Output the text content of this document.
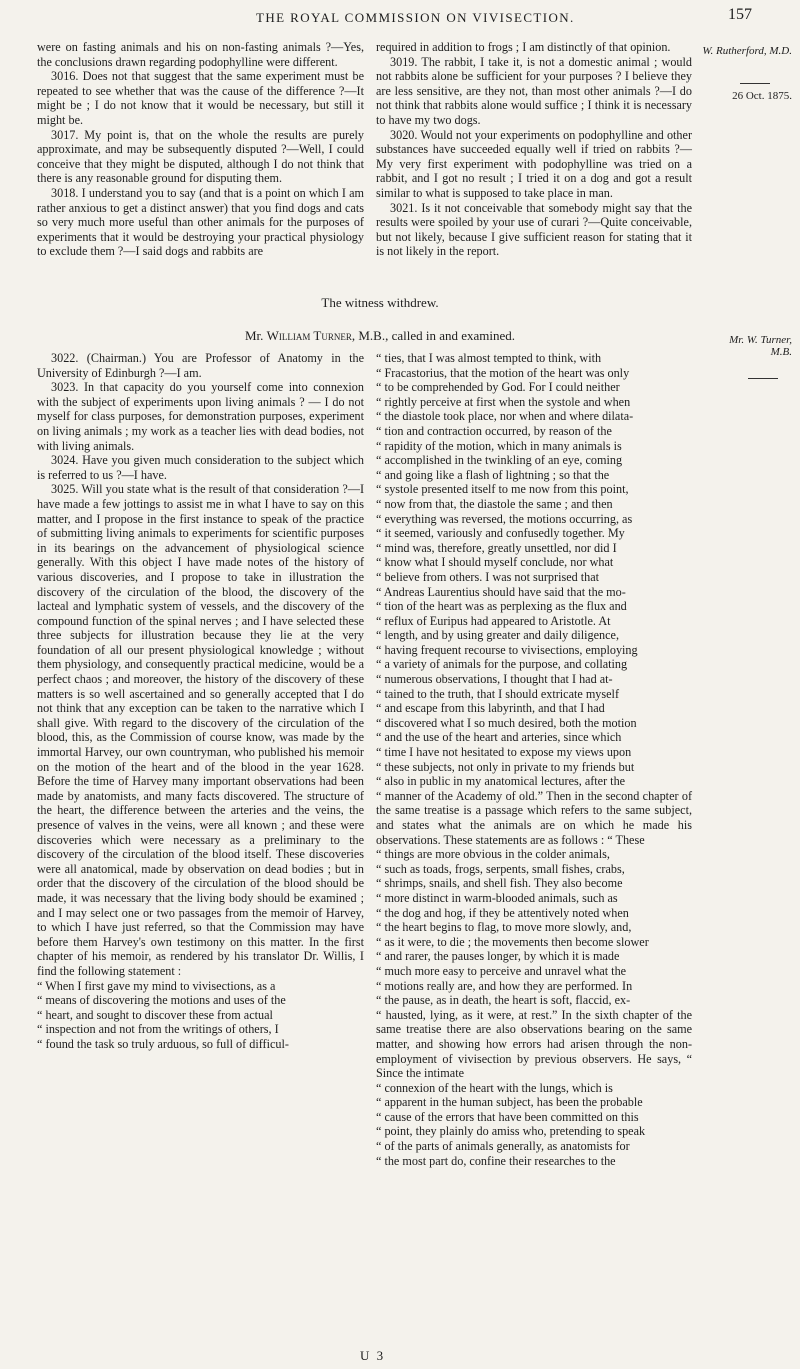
THE ROYAL COMMISSION ON VIVISECTION.	157

were on fasting animals and his on non-fasting animals ?—Yes, the conclusions drawn regarding podophylline were different.

3016. Does not that suggest that the same experiment must be repeated to see whether that was the cause of the difference ?—It might be ; I do not know that it would be necessary, but still it might be.

3017. My point is, that on the whole the results are purely approximate, and may be subsequently disputed ?—Well, I could conceive that they might be disputed, although I do not think that there is any reasonable ground for disputing them.

3018. I understand you to say (and that is a point on which I am rather anxious to get a distinct answer) that you find dogs and cats so very much more useful than other animals for the purposes of experiments that it would be destroying your practical physiology to exclude them ?—I said dogs and rabbits are

required in addition to frogs ; I am distinctly of that opinion.

3019. The rabbit, I take it, is not a domestic animal ; would not rabbits alone be sufficient for your purposes ? I believe they are less sensitive, are they not, than most other animals ?—I do not think that rabbits alone would suffice ; I think it is necessary to have my two dogs.

3020. Would not your experiments on podophylline and other substances have succeeded equally well if tried on rabbits ?—My very first experiment with podophylline was tried on a rabbit, and I got no result ; I tried it on a dog and got a result similar to what is supposed to take place in man.

3021. Is it not conceivable that somebody might say that the results were spoiled by your use of curari ?—Quite conceivable, but not likely, because I give sufficient reason for stating that it is not likely in the report.

W. Rutherford, M.D.
26 Oct. 1875.
The witness withdrew.
Mr. William Turner, M.B., called in and examined.	Mr. W. Turner, M.B.

3022. (Chairman.) You are Professor of Anatomy in the University of Edinburgh ?—I am.

3023. In that capacity do you yourself come into connexion with the subject of experiments upon living animals ? — I do not myself for class purposes, for demonstration purposes, experiment on living animals ; my work as a teacher lies with dead bodies, not with living animals.

3024. Have you given much consideration to the subject which is referred to us ?—I have.

3025. Will you state what is the result of that consideration ?—I have made a few jottings to assist me in what I have to say on this matter, and I propose in the first instance to speak of the practice of submitting living animals to experiments for scientific purposes in its bearings on the advancement of physiological science generally. With this object I have made notes of the history of various discoveries, and I propose to take in illustration the discovery of the circulation of the blood, the discovery of the lacteal and lymphatic system of vessels, and the discovery of the compound function of the spinal nerves ; and I have selected these three subjects for illustration because they lie at the very foundation of all our present physiological knowledge ; without them physiology, and consequently practical medicine, would be a perfect chaos ; and moreover, the history of the discovery of these matters is so well ascertained and so generally accepted that I do not think that any exception can be taken to the narrative which I shall give. With regard to the discovery of the circulation of the blood, this, as the Commission of course know, was made by the immortal Harvey, our own countryman, who published his memoir on the motion of the heart and of the blood in the year 1628. Before the time of Harvey many important observations had been made by anatomists, and many facts discovered. The structure of the heart, the difference between the arteries and the veins, the presence of valves in the veins, were all known ; and these were discoveries which were necessary as a preliminary to the discovery of the circulation of the blood itself. These discoveries were all anatomical, made by observation on dead bodies ; but in order that the discovery of the circulation of the blood should be made, it was necessary that the living body should be examined ; and I may select one or two passages from the memoir of Harvey, to which I have just referred, so that the Commission may have before them Harvey's own testimony on this matter. In the first chapter of his memoir, as rendered by his translator Dr. Willis, I find the following statement :

“ When I first gave my mind to vivisections, as a

“ means of discovering the motions and uses of the

“ heart, and sought to discover these from actual

“ inspection and not from the writings of others, I

“ found the task so truly arduous, so full of difficul-

“ ties, that I was almost tempted to think, with

“ Fracastorius, that the motion of the heart was only

“ to be comprehended by God. For I could neither

“ rightly perceive at first when the systole and when

“ the diastole took place, nor when and where dilata-

“ tion and contraction occurred, by reason of the

“ rapidity of the motion, which in many animals is

“ accomplished in the twinkling of an eye, coming

“ and going like a flash of lightning ; so that the

“ systole presented itself to me now from this point,

“ now from that, the diastole the same ; and then

“ everything was reversed, the motions occurring, as

“ it seemed, variously and confusedly together. My

“ mind was, therefore, greatly unsettled, nor did I

“ know what I should myself conclude, nor what

“ believe from others. I was not surprised that

“ Andreas Laurentius should have said that the mo-

“ tion of the heart was as perplexing as the flux and

“ reflux of Euripus had appeared to Aristotle. At

“ length, and by using greater and daily diligence,

“ having frequent recourse to vivisections, employing

“ a variety of animals for the purpose, and collating

“ numerous observations, I thought that I had at-

“ tained to the truth, that I should extricate myself

“ and escape from this labyrinth, and that I had

“ discovered what I so much desired, both the motion

“ and the use of the heart and arteries, since which

“ time I have not hesitated to expose my views upon

“ these subjects, not only in private to my friends but

“ also in public in my anatomical lectures, after the

“ manner of the Academy of old.” Then in the second chapter of the same treatise is a passage which refers to the same subject, and states what the animals are on which he made his observations. These statements are as follows : “ These

“ things are more obvious in the colder animals,

“ such as toads, frogs, serpents, small fishes, crabs,

“ shrimps, snails, and shell fish. They also become

“ more distinct in warm-blooded animals, such as

“ the dog and hog, if they be attentively noted when

“ the heart begins to flag, to move more slowly, and,

“ as it were, to die ; the movements then become slower

“ and rarer, the pauses longer, by which it is made

“ much more easy to perceive and unravel what the

“ motions really are, and how they are performed. In

“ the pause, as in death, the heart is soft, flaccid, ex-

“ hausted, lying, as it were, at rest.” In the sixth chapter of the same treatise there are also observations bearing on the same matter, and showing how errors had arisen through the non-employment of vivisection by previous observers. He says, “ Since the intimate

“ connexion of the heart with the lungs, which is

“ apparent in the human subject, has been the probable

“ cause of the errors that have been committed on this

“ point, they plainly do amiss who, pretending to speak

“ of the parts of animals generally, as anatomists for

“ the most part do, confine their researches to the

U 3
